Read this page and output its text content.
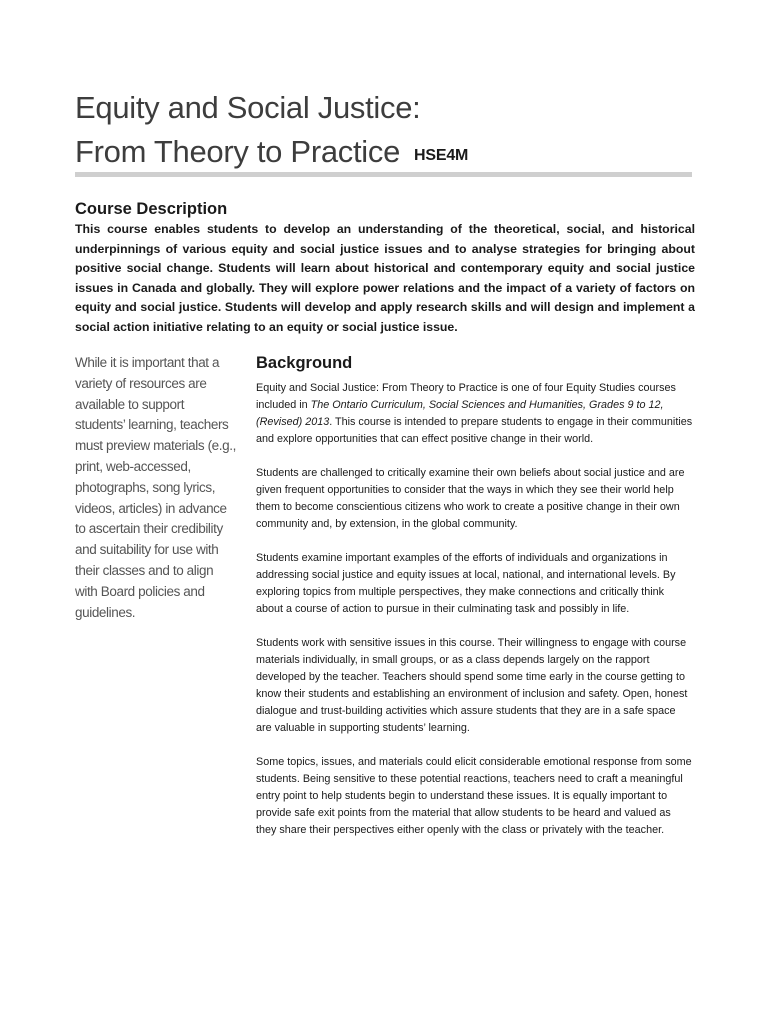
Equity and Social Justice:
From Theory to Practice HSE4M
Course Description

This course enables students to develop an understanding of the theoretical, social, and historical underpinnings of various equity and social justice issues and to analyse strategies for bringing about positive social change. Students will learn about historical and contemporary equity and social justice issues in Canada and globally. They will explore power relations and the impact of a variety of factors on equity and social justice. Students will develop and apply research skills and will design and implement a social action initiative relating to an equity or social justice issue.

While it is important that a variety of resources are available to support students’ learning, teachers must preview materials (e.g., print, web-accessed, photographs, song lyrics, videos, articles) in advance to ascertain their credibility and suitability for use with their classes and to align with Board policies and guidelines.

Background

Equity and Social Justice: From Theory to Practice is one of four Equity Studies courses included in The Ontario Curriculum, Social Sciences and Humanities, Grades 9 to 12, (Revised) 2013. This course is intended to prepare students to engage in their communities and explore opportunities that can effect positive change in their world.

Students are challenged to critically examine their own beliefs about social justice and are given frequent opportunities to consider that the ways in which they see their world help them to become conscientious citizens who work to create a positive change in their own community and, by extension, in the global community.

Students examine important examples of the efforts of individuals and organizations in addressing social justice and equity issues at local, national, and international levels. By exploring topics from multiple perspectives, they make connections and critically think about a course of action to pursue in their culminating task and possibly in life.

Students work with sensitive issues in this course. Their willingness to engage with course materials individually, in small groups, or as a class depends largely on the rapport developed by the teacher. Teachers should spend some time early in the course getting to know their students and establishing an environment of inclusion and safety. Open, honest dialogue and trust-building activities which assure students that they are in a safe space are valuable in supporting students’ learning.

Some topics, issues, and materials could elicit considerable emotional response from some students. Being sensitive to these potential reactions, teachers need to craft a meaningful entry point to help students begin to understand these issues. It is equally important to provide safe exit points from the material that allow students to be heard and valued as they share their perspectives either openly with the class or privately with the teacher.
